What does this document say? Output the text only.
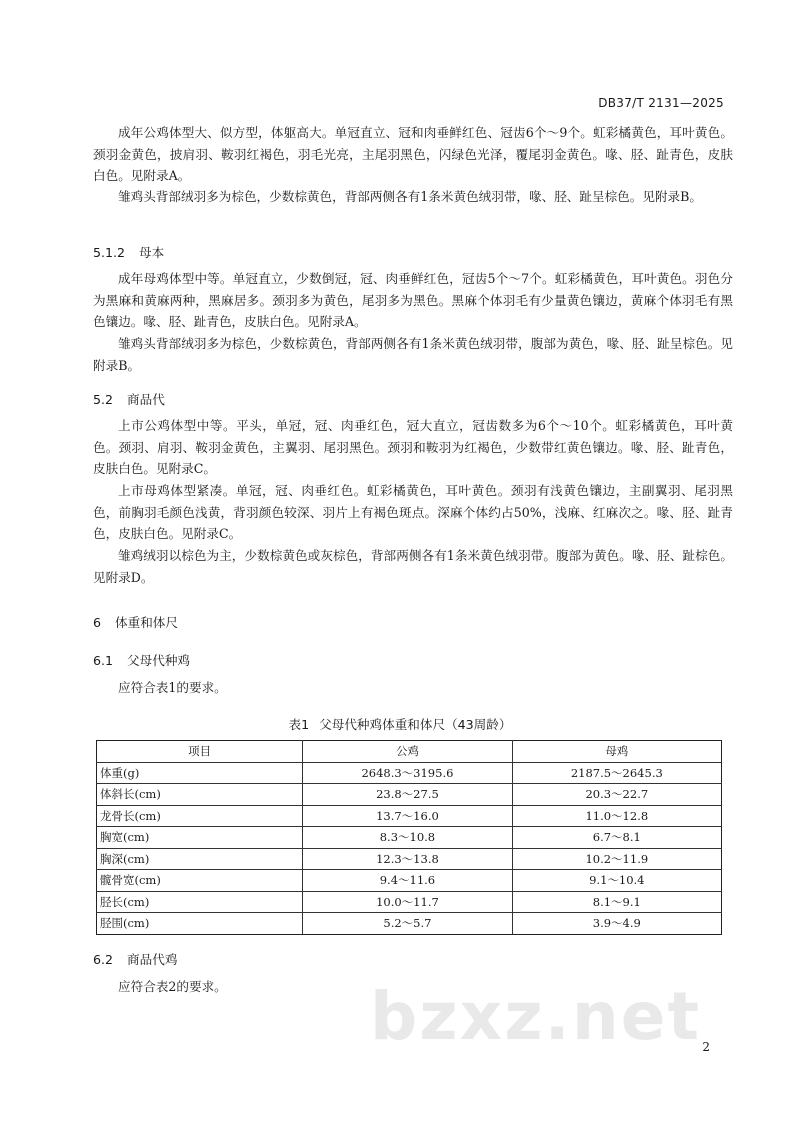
DB37/T 2131—2025
成年公鸡体型大、似方型，体躯高大。单冠直立、冠和肉垂鲜红色、冠齿6个～9个。虹彩橘黄色，耳叶黄色。颈羽金黄色，披肩羽、鞍羽红褐色，羽毛光亮，主尾羽黑色，闪绿色光泽，覆尾羽金黄色。喙、胫、趾青色，皮肤白色。见附录A。
雏鸡头背部绒羽多为棕色，少数棕黄色，背部两侧各有1条米黄色绒羽带，喙、胫、趾呈棕色。见附录B。
5.1.2 母本
成年母鸡体型中等。单冠直立，少数倒冠，冠、肉垂鲜红色，冠齿5个～7个。虹彩橘黄色，耳叶黄色。羽色分为黑麻和黄麻两种，黑麻居多。颈羽多为黄色，尾羽多为黑色。黑麻个体羽毛有少量黄色镶边，黄麻个体羽毛有黑色镶边。喙、胫、趾青色，皮肤白色。见附录A。
雏鸡头背部绒羽多为棕色，少数棕黄色，背部两侧各有1条米黄色绒羽带，腹部为黄色，喙、胫、趾呈棕色。见附录B。
5.2 商品代
上市公鸡体型中等。平头，单冠，冠、肉垂红色，冠大直立，冠齿数多为6个～10个。虹彩橘黄色，耳叶黄色。颈羽、肩羽、鞍羽金黄色，主翼羽、尾羽黑色。颈羽和鞍羽为红褐色，少数带红黄色镶边。喙、胫、趾青色，皮肤白色。见附录C。
上市母鸡体型紧凑。单冠，冠、肉垂红色。虹彩橘黄色，耳叶黄色。颈羽有浅黄色镶边，主副翼羽、尾羽黑色，前胸羽毛颜色浅黄，背羽颜色较深、羽片上有褐色斑点。深麻个体约占50%，浅麻、红麻次之。喙、胫、趾青色，皮肤白色。见附录C。
雏鸡绒羽以棕色为主，少数棕黄色或灰棕色，背部两侧各有1条米黄色绒羽带。腹部为黄色。喙、胫、趾棕色。见附录D。
6 体重和体尺
6.1 父母代种鸡
应符合表1的要求。
表1 父母代种鸡体重和体尺（43周龄）
项目	公鸡	母鸡
体重(g)	2648.3～3195.6	2187.5～2645.3
体斜长(cm)	23.8～27.5	20.3～22.7
龙骨长(cm)	13.7～16.0	11.0～12.8
胸宽(cm)	8.3～10.8	6.7～8.1
胸深(cm)	12.3～13.8	10.2～11.9
髋骨宽(cm)	9.4～11.6	9.1～10.4
胫长(cm)	10.0～11.7	8.1～9.1
胫围(cm)	5.2～5.7	3.9～4.9
6.2 商品代鸡
应符合表2的要求。	bzxz.net 2
